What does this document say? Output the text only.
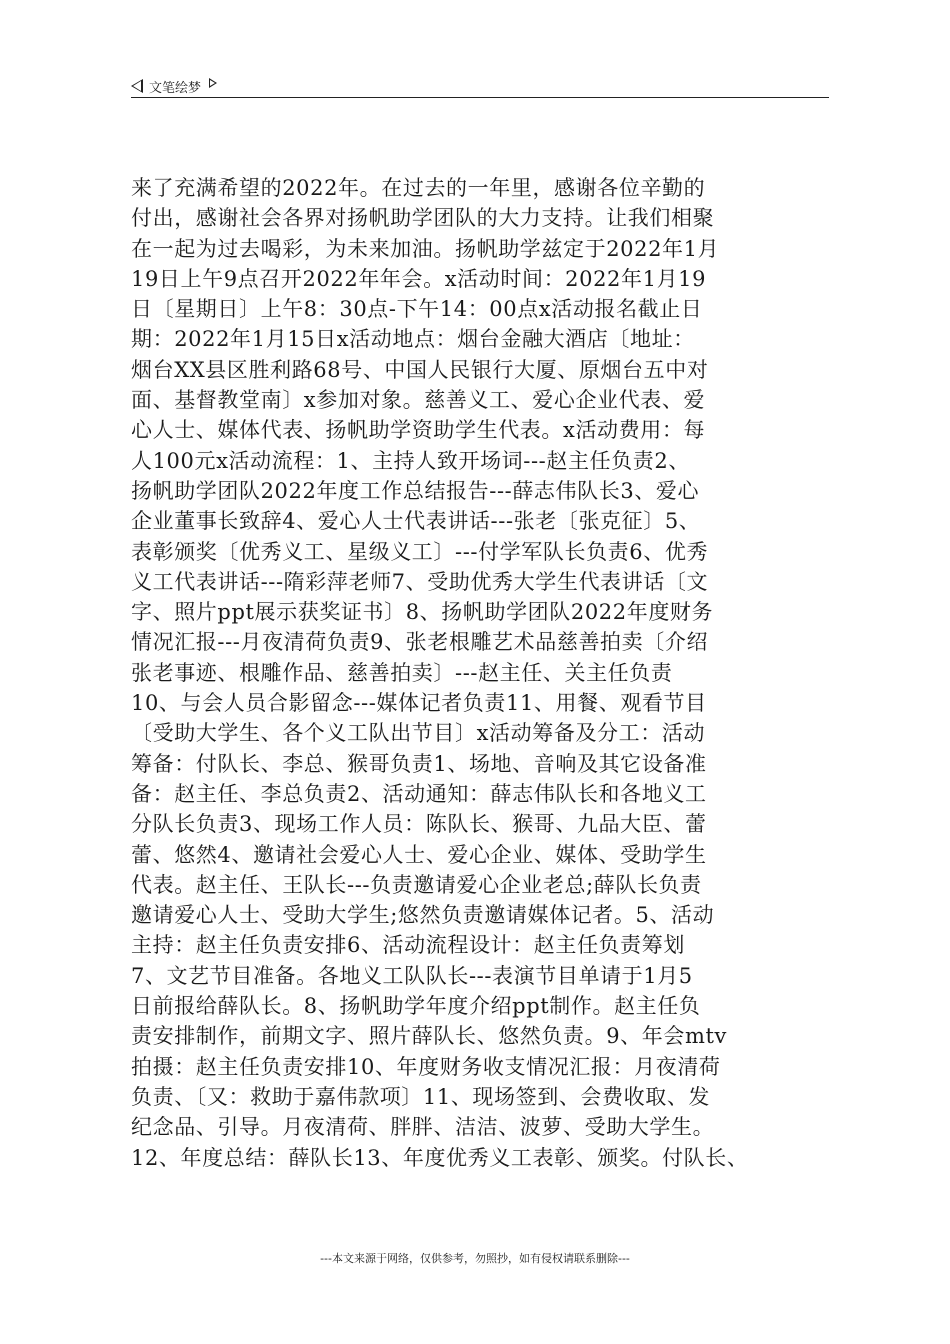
文笔绘梦
来了充满希望的2022年。在过去的一年里，感谢各位辛勤的
付出，感谢社会各界对扬帆助学团队的大力支持。让我们相聚
在一起为过去喝彩，为未来加油。扬帆助学兹定于2022年1月
19日上午9点召开2022年年会。x活动时间：2022年1月19
日〔星期日〕上午8：30点-下午14：00点x活动报名截止日
期：2022年1月15日x活动地点：烟台金融大酒店〔地址：
烟台XX县区胜利路68号、中国人民银行大厦、原烟台五中对
面、基督教堂南〕x参加对象。慈善义工、爱心企业代表、爱
心人士、媒体代表、扬帆助学资助学生代表。x活动费用：每
人100元x活动流程：1、主持人致开场词---赵主任负责2、
扬帆助学团队2022年度工作总结报告---薛志伟队长3、爱心
企业董事长致辞4、爱心人士代表讲话---张老〔张克征〕5、
表彰颁奖〔优秀义工、星级义工〕---付学军队长负责6、优秀
义工代表讲话---隋彩萍老师7、受助优秀大学生代表讲话〔文
字、照片ppt展示获奖证书〕8、扬帆助学团队2022年度财务
情况汇报---月夜清荷负责9、张老根雕艺术品慈善拍卖〔介绍
张老事迹、根雕作品、慈善拍卖〕---赵主任、关主任负责
10、与会人员合影留念---媒体记者负责11、用餐、观看节目
〔受助大学生、各个义工队出节目〕x活动筹备及分工：活动
筹备：付队长、李总、猴哥负责1、场地、音响及其它设备准
备：赵主任、李总负责2、活动通知：薛志伟队长和各地义工
分队长负责3、现场工作人员：陈队长、猴哥、九品大臣、蕾
蕾、悠然4、邀请社会爱心人士、爱心企业、媒体、受助学生
代表。赵主任、王队长---负责邀请爱心企业老总;薛队长负责
邀请爱心人士、受助大学生;悠然负责邀请媒体记者。5、活动
主持：赵主任负责安排6、活动流程设计：赵主任负责筹划
7、文艺节目准备。各地义工队队长---表演节目单请于1月5
日前报给薛队长。8、扬帆助学年度介绍ppt制作。赵主任负
责安排制作，前期文字、照片薛队长、悠然负责。9、年会mtv
拍摄：赵主任负责安排10、年度财务收支情况汇报：月夜清荷
负责、〔又：救助于嘉伟款项〕11、现场签到、会费收取、发
纪念品、引导。月夜清荷、胖胖、洁洁、波萝、受助大学生。
12、年度总结：薛队长13、年度优秀义工表彰、颁奖。付队长、
---本文来源于网络，仅供参考，勿照抄，如有侵权请联系删除---
